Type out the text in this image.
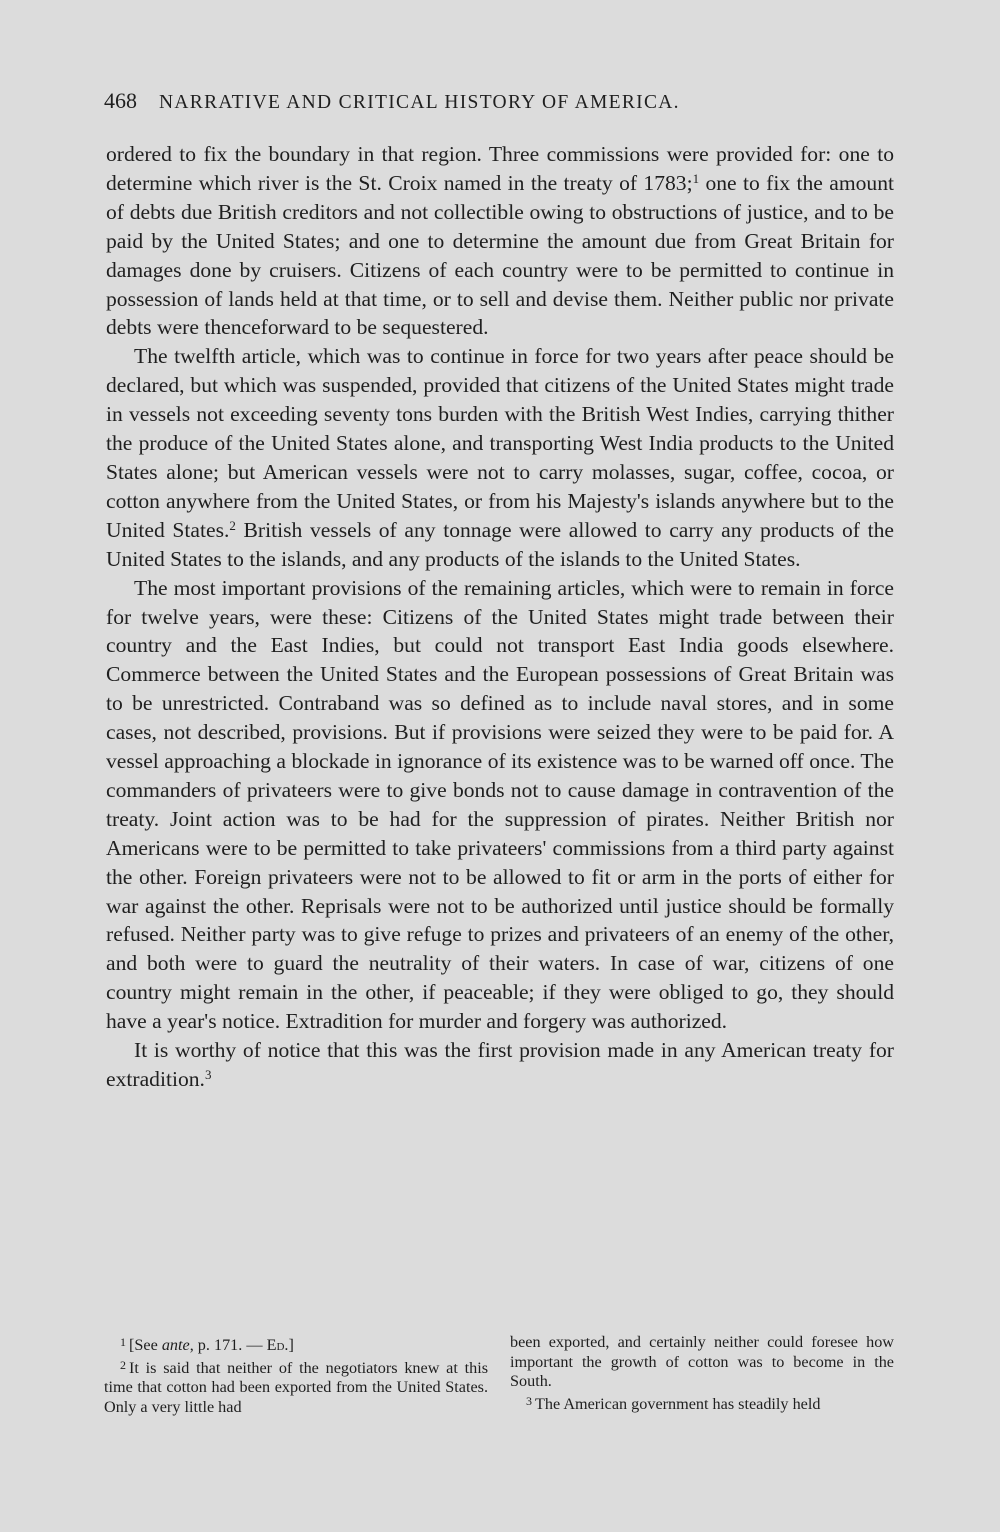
468 NARRATIVE AND CRITICAL HISTORY OF AMERICA.

ordered to fix the boundary in that region. Three commissions were provided for: one to determine which river is the St. Croix named in the treaty of 1783;$^1$ one to fix the amount of debts due British creditors and not collectible owing to obstructions of justice, and to be paid by the United States; and one to determine the amount due from Great Britain for damages done by cruisers. Citizens of each country were to be permitted to continue in possession of lands held at that time, or to sell and devise them. Neither public nor private debts were thenceforward to be sequestered.

The twelfth article, which was to continue in force for two years after peace should be declared, but which was suspended, provided that citizens of the United States might trade in vessels not exceeding seventy tons burden with the British West Indies, carrying thither the produce of the United States alone, and transporting West India products to the United States alone; but American vessels were not to carry molasses, sugar, coffee, cocoa, or cotton anywhere from the United States, or from his Majesty's islands anywhere but to the United States.$^2$ British vessels of any tonnage were allowed to carry any products of the United States to the islands, and any products of the islands to the United States.

The most important provisions of the remaining articles, which were to remain in force for twelve years, were these: Citizens of the United States might trade between their country and the East Indies, but could not transport East India goods elsewhere. Commerce between the United States and the European possessions of Great Britain was to be unrestricted. Contraband was so defined as to include naval stores, and in some cases, not described, provisions. But if provisions were seized they were to be paid for. A vessel approaching a blockade in ignorance of its existence was to be warned off once. The commanders of privateers were to give bonds not to cause damage in contravention of the treaty. Joint action was to be had for the suppression of pirates. Neither British nor Americans were to be permitted to take privateers' commissions from a third party against the other. Foreign privateers were not to be allowed to fit or arm in the ports of either for war against the other. Reprisals were not to be authorized until justice should be formally refused. Neither party was to give refuge to prizes and privateers of an enemy of the other, and both were to guard the neutrality of their waters. In case of war, citizens of one country might remain in the other, if peaceable; if they were obliged to go, they should have a year's notice. Extradition for murder and forgery was authorized.

It is worthy of notice that this was the first provision made in any American treaty for extradition.$^3$

$^1$ [See ante, p. 171. — Ed.]

$^2$ It is said that neither of the negotiators knew at this time that cotton had been exported from the United States. Only a very little had

been exported, and certainly neither could foresee how important the growth of cotton was to become in the South.

$^3$ The American government has steadily held
